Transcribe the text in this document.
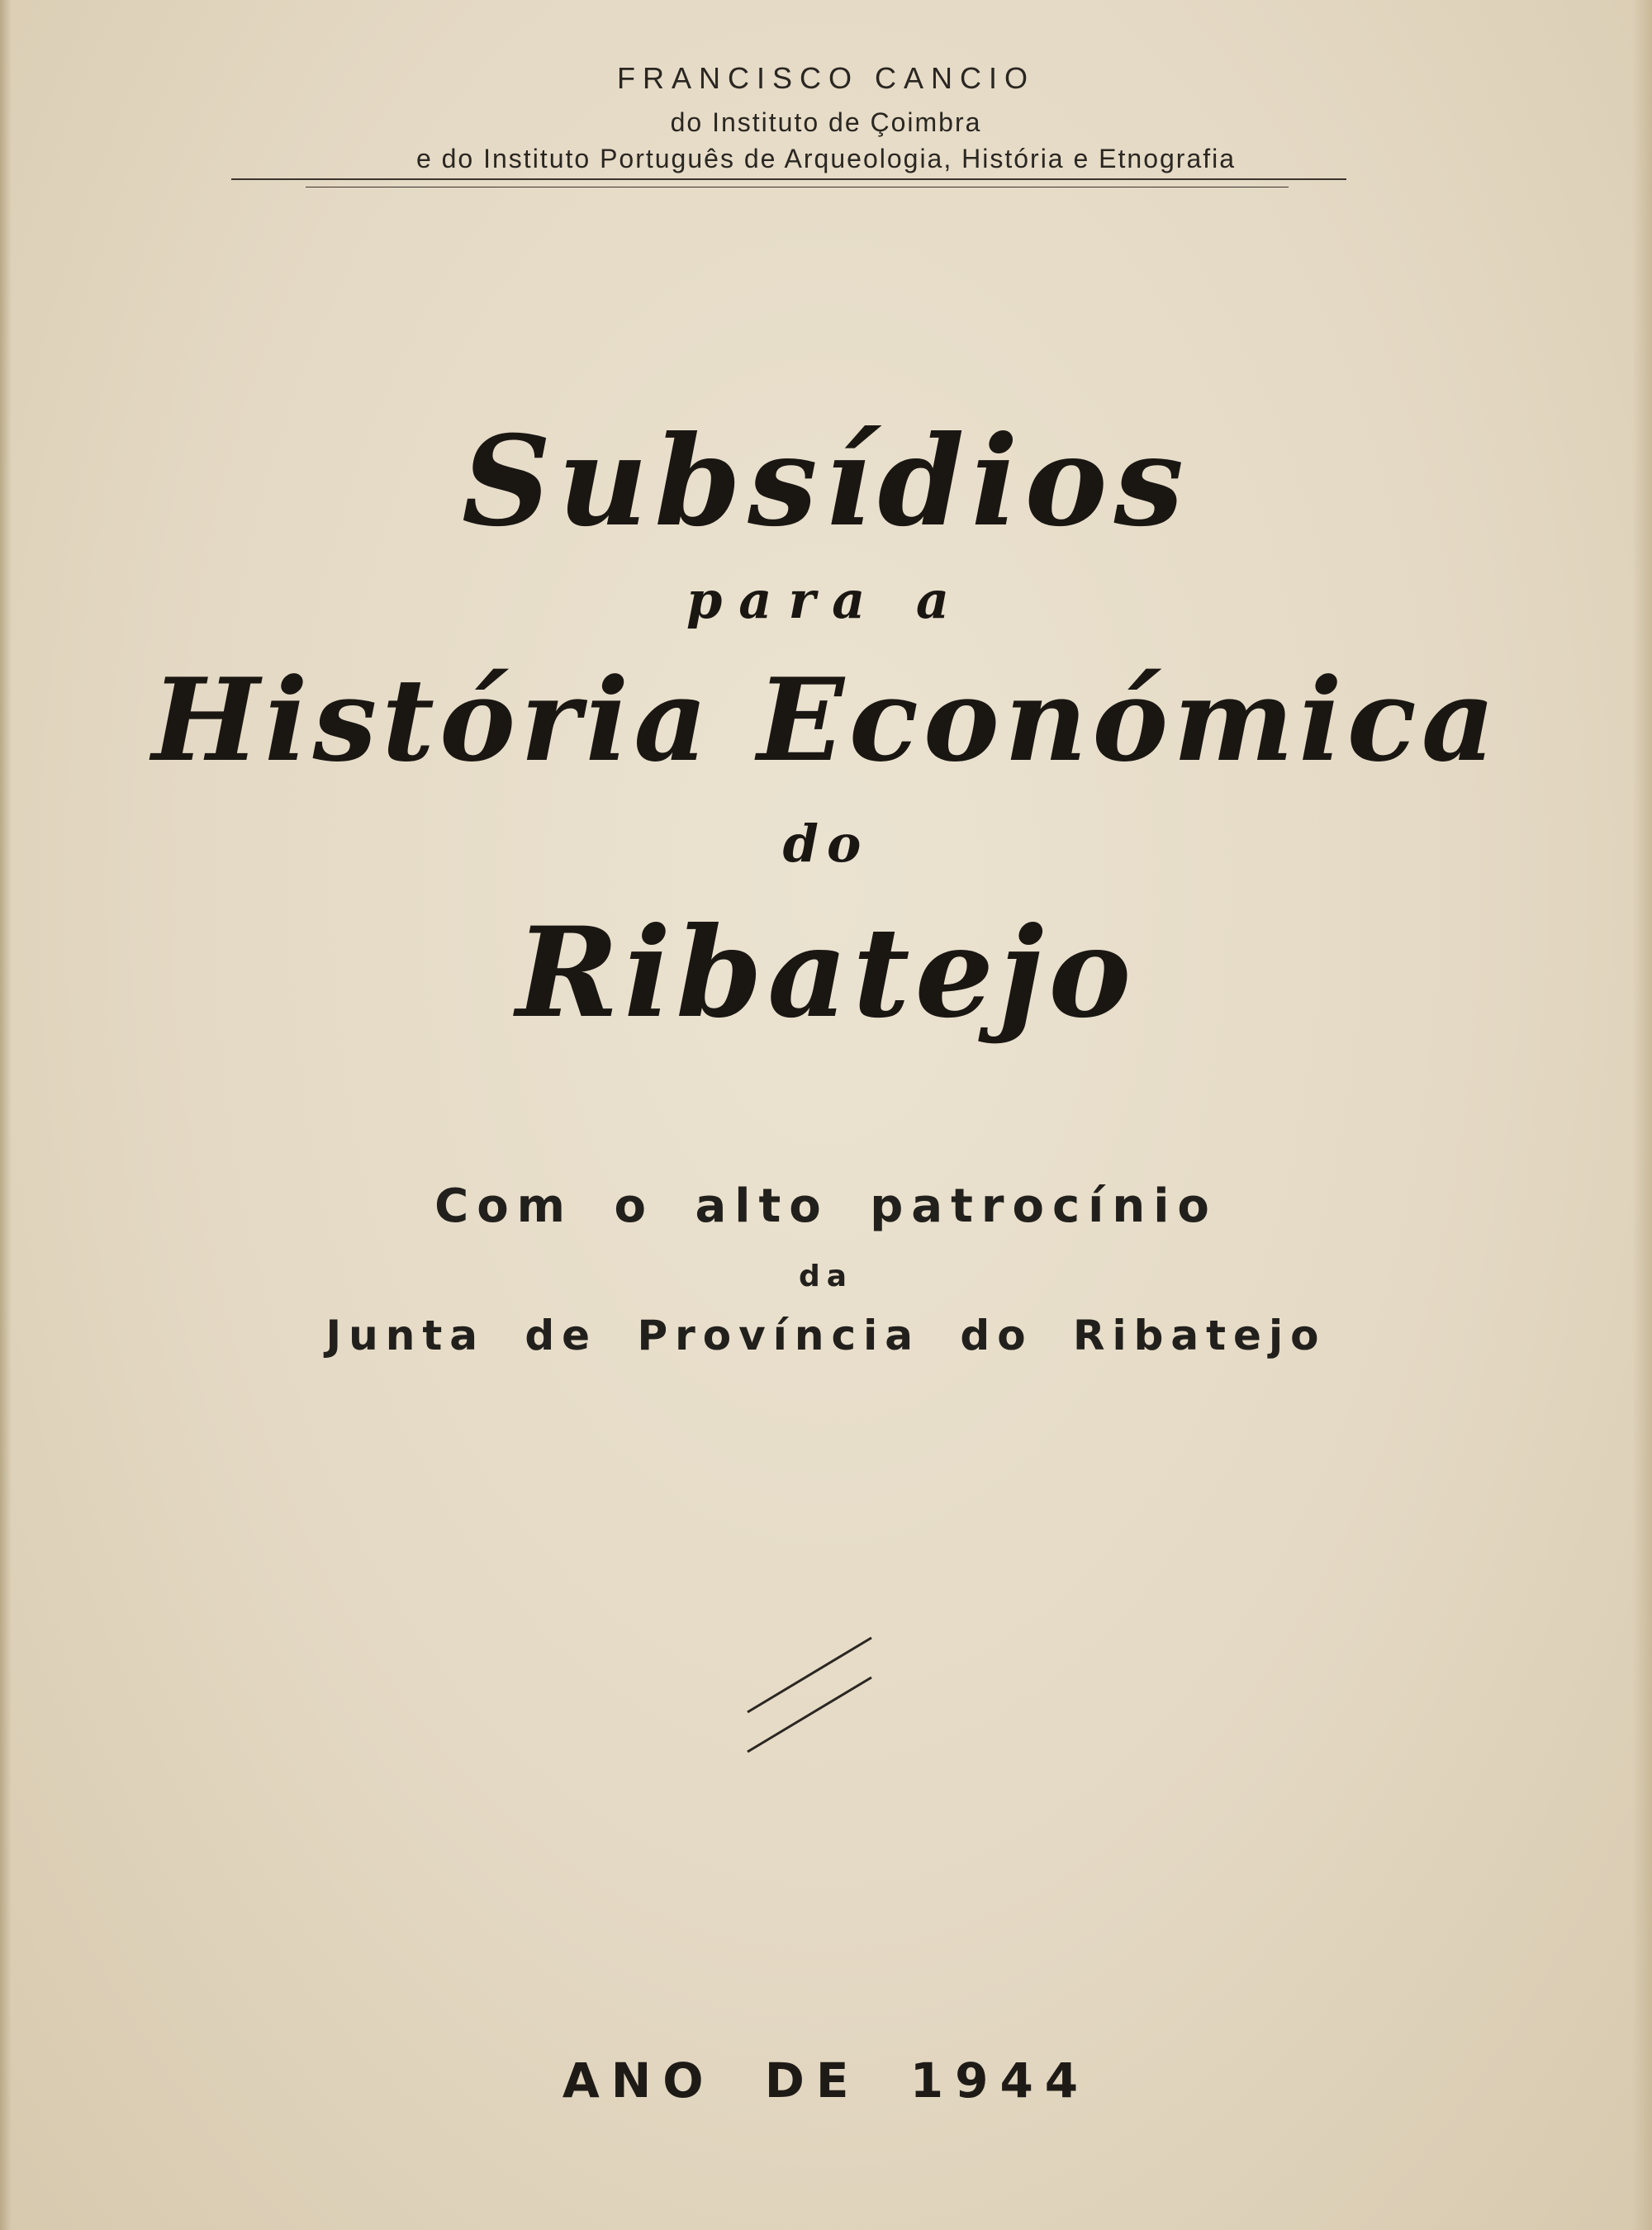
FRANCISCO CANCIO
do Instituto de Çoimbra
e do Instituto Português de Arqueologia, História e Etnografia
Subsídios
para a
História Económica
do
Ribatejo
Com o alto patrocínio
da
Junta de Província do Ribatejo
ANO DE 1944
